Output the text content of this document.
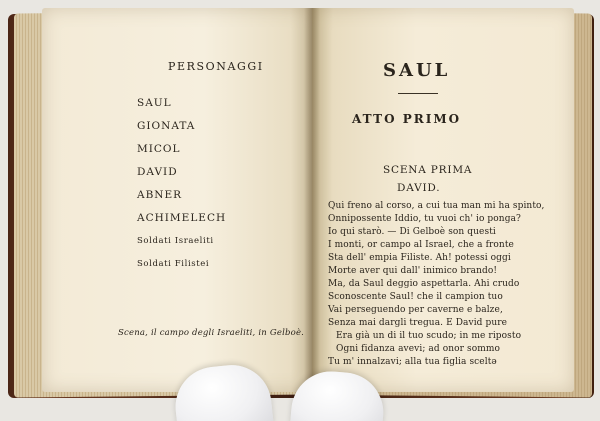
PERSONAGGI
SAUL
GIONATA
MICOL
DAVID
ABNER
ACHIMELECH
Soldati Israeliti
Soldati Filistei
Scena, il campo degli Israeliti, in Gelboè.
SAUL
ATTO PRIMO
SCENA PRIMA
DAVID.
Qui freno al corso, a cui tua man mi ha spinto,
Onnipossente Iddio, tu vuoi ch' io ponga?
Io qui starò. — Di Gelboè son questi
I monti, or campo al Israel, che a fronte
Sta dell' empia Filiste. Ah! potessi oggi
Morte aver qui dall' inimico brando!
Ma, da Saul deggio aspettarla. Ahi crudo
Sconoscente Saul! che il campion tuo
Vai perseguendo per caverne e balze,
Senza mai dargli tregua. E David pure
Era già un di il tuo scudo; in me riposto
Ogni fidanza avevi; ad onor sommo
Tu m' innalzavi; alla tua figlia sceltə
